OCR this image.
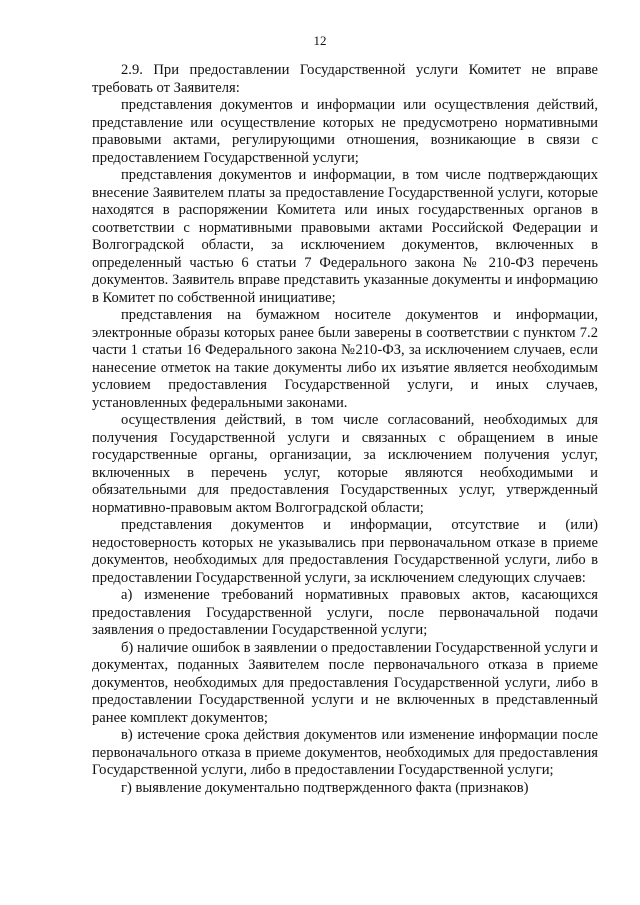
12

2.9. При предоставлении Государственной услуги Комитет не вправе требовать от Заявителя:

представления документов и информации или осуществления действий, представление или осуществление которых не предусмотрено нормативными правовыми актами, регулирующими отношения, возникающие в связи с предоставлением Государственной услуги;

представления документов и информации, в том числе подтверждающих внесение Заявителем платы за предоставление Государственной услуги, которые находятся в распоряжении Комитета или иных государственных органов в соответствии с нормативными правовыми актами Российской Федерации и Волгоградской области, за исключением документов, включенных в определенный частью 6 статьи 7 Федерального закона № 210-ФЗ перечень документов. Заявитель вправе представить указанные документы и информацию в Комитет по собственной инициативе;

представления на бумажном носителе документов и информации, электронные образы которых ранее были заверены в соответствии с пунктом 7.2 части 1 статьи 16 Федерального закона №210-ФЗ, за исключением случаев, если нанесение отметок на такие документы либо их изъятие является необходимым условием предоставления Государственной услуги, и иных случаев, установленных федеральными законами.

осуществления действий, в том числе согласований, необходимых для получения Государственной услуги и связанных с обращением в иные государственные органы, организации, за исключением получения услуг, включенных в перечень услуг, которые являются необходимыми и обязательными для предоставления Государственных услуг, утвержденный нормативно-правовым актом Волгоградской области;

представления документов и информации, отсутствие и (или) недостоверность которых не указывались при первоначальном отказе в приеме документов, необходимых для предоставления Государственной услуги, либо в предоставлении Государственной услуги, за исключением следующих случаев:

а) изменение требований нормативных правовых актов, касающихся предоставления Государственной услуги, после первоначальной подачи заявления о предоставлении Государственной услуги;

б) наличие ошибок в заявлении о предоставлении Государственной услуги и документах, поданных Заявителем после первоначального отказа в приеме документов, необходимых для предоставления Государственной услуги, либо в предоставлении Государственной услуги и не включенных в представленный ранее комплект документов;

в) истечение срока действия документов или изменение информации после первоначального отказа в приеме документов, необходимых для предоставления Государственной услуги, либо в предоставлении Государственной услуги;

г) выявление документально подтвержденного факта (признаков)
